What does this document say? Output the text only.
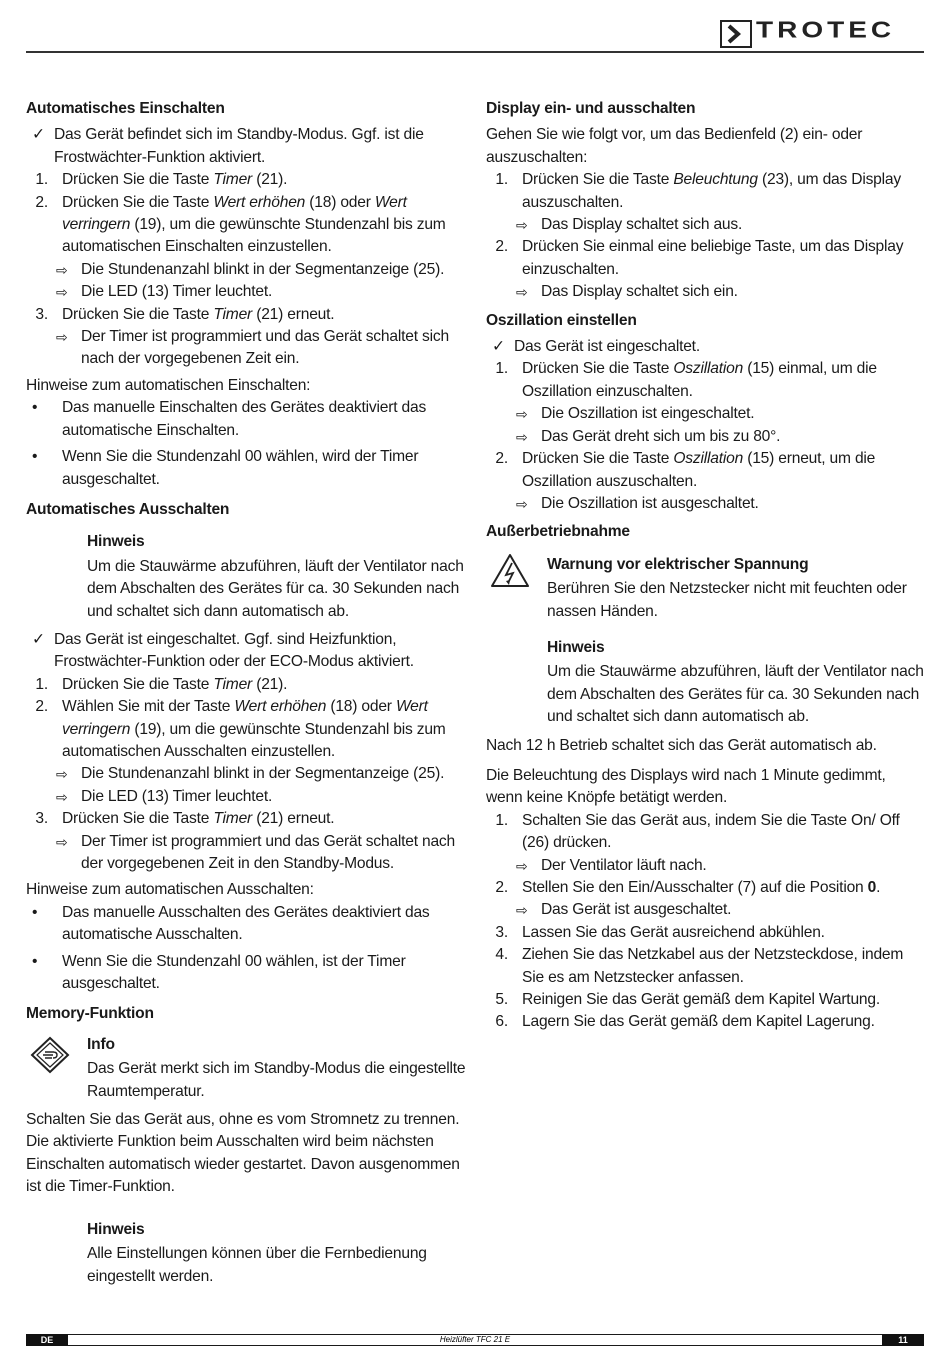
TROTEC
Automatisches Einschalten
✓ Das Gerät befindet sich im Standby-Modus. Ggf. ist die Frostwächter-Funktion aktiviert.
1. Drücken Sie die Taste Timer (21).
2. Drücken Sie die Taste Wert erhöhen (18) oder Wert verringern (19), um die gewünschte Stundenzahl bis zum automatischen Einschalten einzustellen.
⇨ Die Stundenanzahl blinkt in der Segmentanzeige (25).
⇨ Die LED (13) Timer leuchtet.
3. Drücken Sie die Taste Timer (21) erneut.
⇨ Der Timer ist programmiert und das Gerät schaltet sich nach der vorgegebenen Zeit ein.
Hinweise zum automatischen Einschalten:
•	Das manuelle Einschalten des Gerätes deaktiviert das automatische Einschalten.
•	Wenn Sie die Stundenzahl 00 wählen, wird der Timer ausgeschaltet.
Automatisches Ausschalten
Hinweis
Um die Stauwärme abzuführen, läuft der Ventilator nach dem Abschalten des Gerätes für ca. 30 Sekunden nach und schaltet sich dann automatisch ab.
✓ Das Gerät ist eingeschaltet. Ggf. sind Heizfunktion, Frostwächter-Funktion oder der ECO-Modus aktiviert.
1. Drücken Sie die Taste Timer (21).
2. Wählen Sie mit der Taste Wert erhöhen (18) oder Wert verringern (19), um die gewünschte Stundenzahl bis zum automatischen Ausschalten einzustellen.
⇨ Die Stundenanzahl blinkt in der Segmentanzeige (25).
⇨ Die LED (13) Timer leuchtet.
3. Drücken Sie die Taste Timer (21) erneut.
⇨ Der Timer ist programmiert und das Gerät schaltet nach der vorgegebenen Zeit in den Standby-Modus.
Hinweise zum automatischen Ausschalten:
•	Das manuelle Ausschalten des Gerätes deaktiviert das automatische Ausschalten.
•	Wenn Sie die Stundenzahl 00 wählen, ist der Timer ausgeschaltet.
Memory-Funktion
Info
Das Gerät merkt sich im Standby-Modus die eingestellte Raumtemperatur.
Schalten Sie das Gerät aus, ohne es vom Stromnetz zu trennen. Die aktivierte Funktion beim Ausschalten wird beim nächsten Einschalten automatisch wieder gestartet. Davon ausgenommen ist die Timer-Funktion.
Hinweis
Alle Einstellungen können über die Fernbedienung eingestellt werden.
Display ein- und ausschalten
Gehen Sie wie folgt vor, um das Bedienfeld (2) ein- oder auszuschalten:
1. Drücken Sie die Taste Beleuchtung (23), um das Display auszuschalten.
⇨ Das Display schaltet sich aus.
2. Drücken Sie einmal eine beliebige Taste, um das Display einzuschalten.
⇨ Das Display schaltet sich ein.
Oszillation einstellen
✓ Das Gerät ist eingeschaltet.
1. Drücken Sie die Taste Oszillation (15) einmal, um die Oszillation einzuschalten.
⇨ Die Oszillation ist eingeschaltet.
⇨ Das Gerät dreht sich um bis zu 80°.
2. Drücken Sie die Taste Oszillation (15) erneut, um die Oszillation auszuschalten.
⇨ Die Oszillation ist ausgeschaltet.
Außerbetriebnahme
Warnung vor elektrischer Spannung
Berühren Sie den Netzstecker nicht mit feuchten oder nassen Händen.
Hinweis
Um die Stauwärme abzuführen, läuft der Ventilator nach dem Abschalten des Gerätes für ca. 30 Sekunden nach und schaltet sich dann automatisch ab.
Nach 12 h Betrieb schaltet sich das Gerät automatisch ab.
Die Beleuchtung des Displays wird nach 1 Minute gedimmt, wenn keine Knöpfe betätigt werden.
1. Schalten Sie das Gerät aus, indem Sie die Taste On/ Off (26) drücken.
⇨ Der Ventilator läuft nach.
2. Stellen Sie den Ein/Ausschalter (7) auf die Position 0.
⇨ Das Gerät ist ausgeschaltet.
3. Lassen Sie das Gerät ausreichend abkühlen.
4. Ziehen Sie das Netzkabel aus der Netzsteckdose, indem Sie es am Netzstecker anfassen.
5. Reinigen Sie das Gerät gemäß dem Kapitel Wartung.
6. Lagern Sie das Gerät gemäß dem Kapitel Lagerung.
DE	Heizlüfter TFC 21 E	11
